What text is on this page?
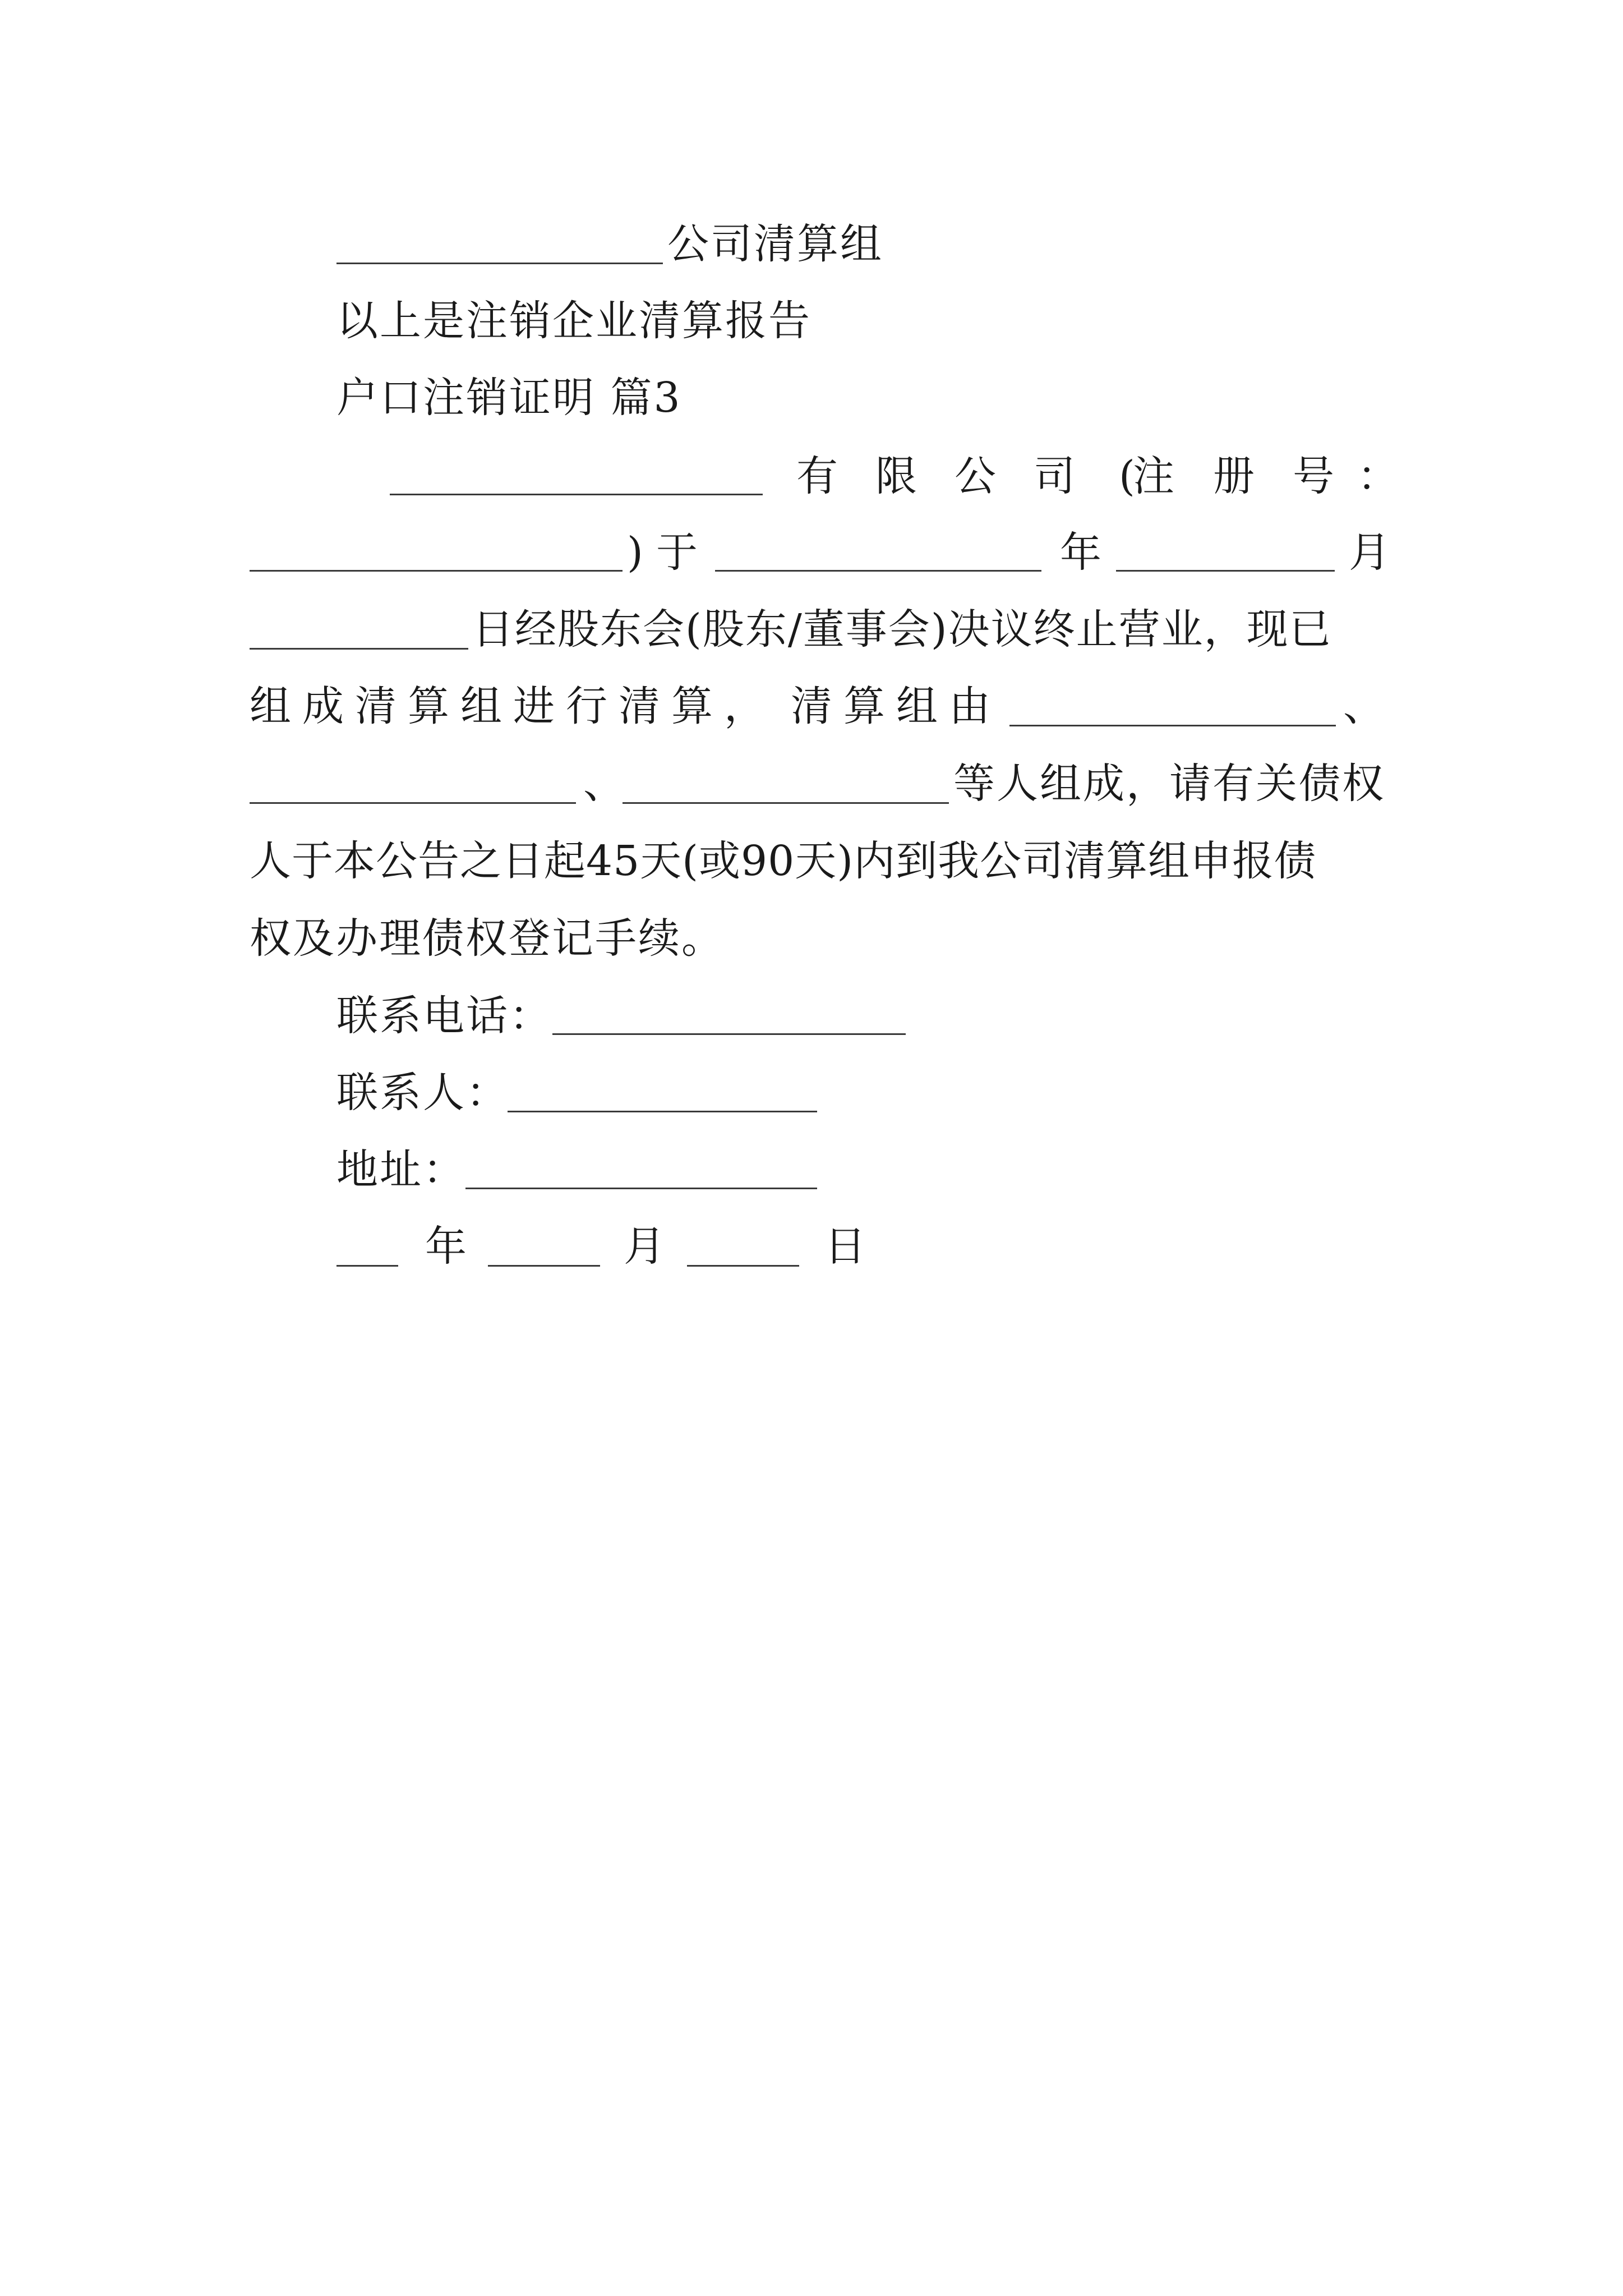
公司清算组
以上是注销企业清算报告
户口注销证明 篇3
有 限 公 司 (
注 册 号 ：
) 于	年	月
日经股东会(股东/董事会)决议终止营业，现已
组 成 清 算 组 进 行 清 算 ， 清 算 组 由	、
、	等人组成，请有关债权
人于本公告之日起45天(或90天)内到我公司清算组申报债
权及办理债权登记手续。
联系电话：
联系人：
地址：
年	月	日
